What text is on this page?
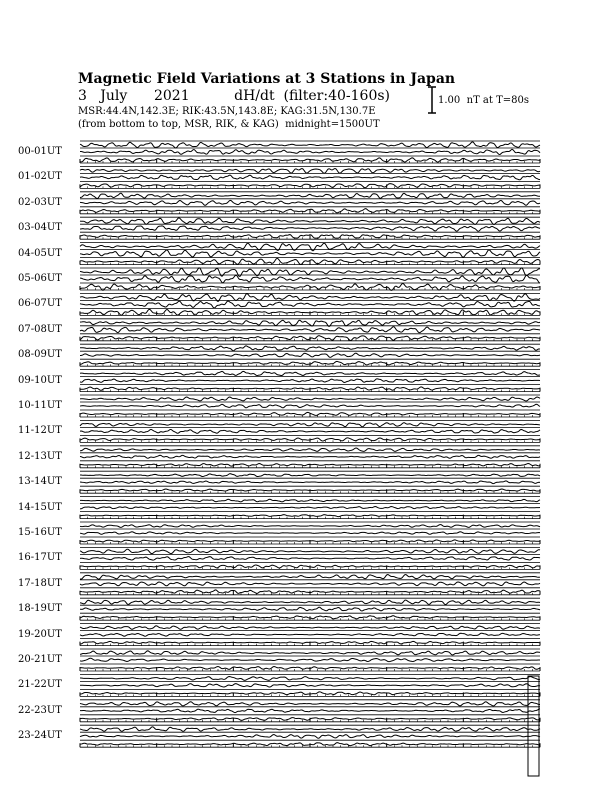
Magnetic Field Variations at 3 Stations in Japan
3   July      2021          dH/dt  (filter:40-160s)
MSR:44.4N,142.3E; RIK:43.5N,143.8E; KAG:31.5N,130.7E
(from bottom to top, MSR, RIK, & KAG)  midnight=1500UT
1.00  nT at T=80s
00-01UT
01-02UT
02-03UT
03-04UT
04-05UT
05-06UT
06-07UT
07-08UT
08-09UT
09-10UT
10-11UT
11-12UT
12-13UT
13-14UT
14-15UT
15-16UT
16-17UT
17-18UT
18-19UT
19-20UT
20-21UT
21-22UT
22-23UT
23-24UT
